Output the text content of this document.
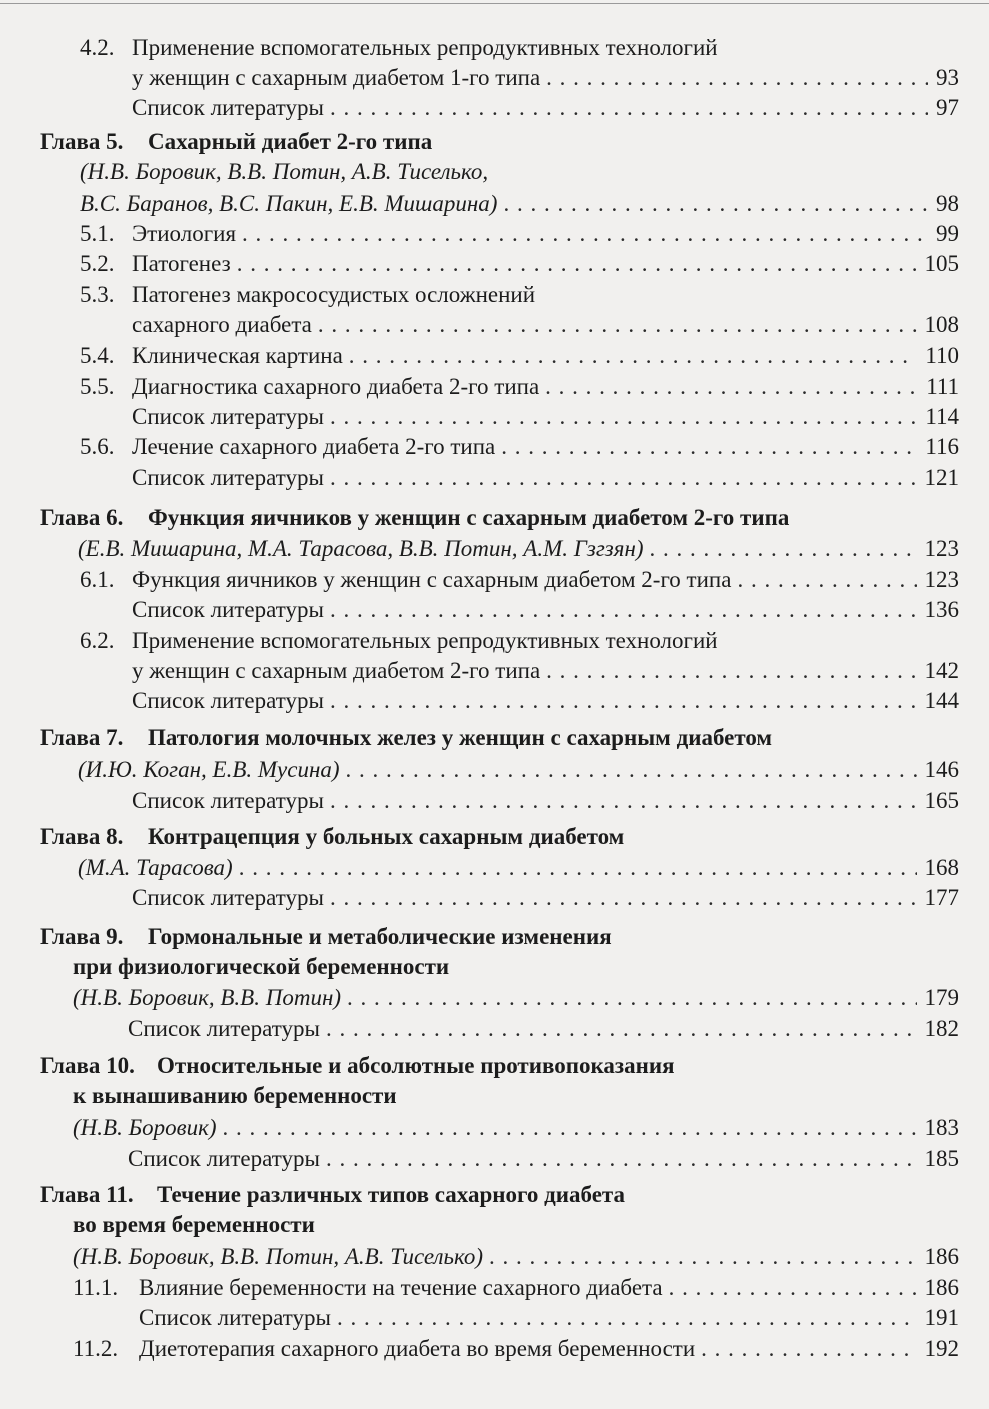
4.2. Применение вспомогательных репродуктивных технологий
у женщин с сахарным диабетом 1-го типа . . .	93
Список литературы . . .	97
Глава 5.	Сахарный диабет 2-го типа
(Н.В. Боровик, В.В. Потин, А.В. Тиселько,
В.С. Баранов, В.С. Пакин, Е.В. Мишарина) . . .	98
5.1. Этиология . . .	99
5.2. Патогенез . . .	105
5.3. Патогенез макрососудистых осложнений
сахарного диабета . . .	108
5.4. Клиническая картина . . .	110
5.5. Диагностика сахарного диабета 2-го типа . . .	111
Список литературы . . .	114
5.6. Лечение сахарного диабета 2-го типа . . .	116
Список литературы . . .	121
Глава 6.	Функция яичников у женщин с сахарным диабетом 2-го типа
(Е.В. Мишарина, М.А. Тарасова, В.В. Потин, А.М. Гзгзян) . . .	123
6.1. Функция яичников у женщин с сахарным диабетом 2-го типа . . .	123
Список литературы . . .	136
6.2. Применение вспомогательных репродуктивных технологий
у женщин с сахарным диабетом 2-го типа . . .	142
Список литературы . . .	144
Глава 7.	Патология молочных желез у женщин с сахарным диабетом
(И.Ю. Коган, Е.В. Мусина) . . .	146
Список литературы . . .	165
Глава 8.	Контрацепция у больных сахарным диабетом
(М.А. Тарасова) . . .	168
Список литературы . . .	177
Глава 9.	Гормональные и метаболические изменения
при физиологической беременности
(Н.В. Боровик, В.В. Потин) . . .	179
Список литературы . . .	182
Глава 10. Относительные и абсолютные противопоказания
к вынашиванию беременности
(Н.В. Боровик) . . .	183
Список литературы . . .	185
Глава 11.	Течение различных типов сахарного диабета
во время беременности
(Н.В. Боровик, В.В. Потин, А.В. Тиселько) . . .	186
11.1. Влияние беременности на течение сахарного диабета . . .	186
Список литературы . . .	191
11.2. Диетотерапия сахарного диабета во время беременности . . .	192
